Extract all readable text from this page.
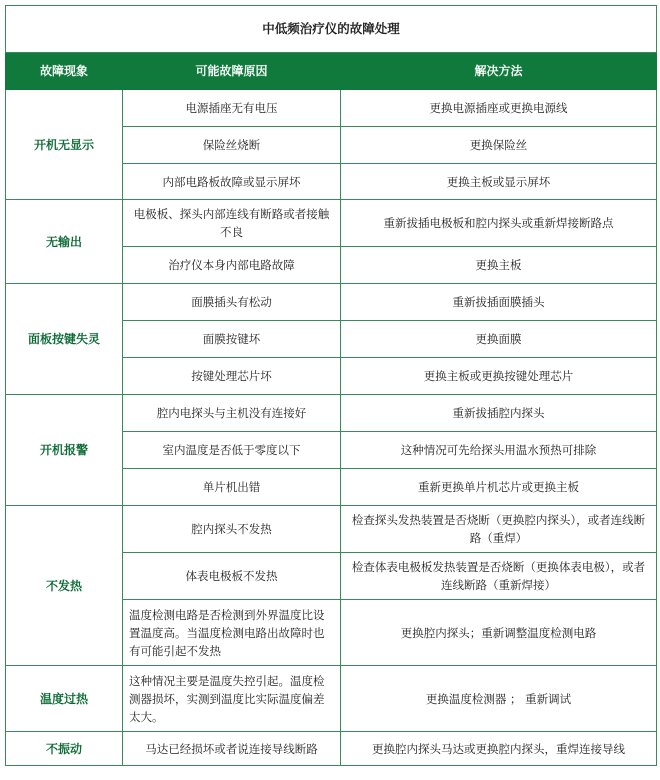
中低频治疗仪的故障处理		
故障现象	可能故障原因	解决方法
开机无显示	电源插座无有电压	更换电源插座或更换电源线
	保险丝烧断	更换保险丝
	内部电路板故障或显示屏坏	更换主板或显示屏坏
无输出	电极板、探头内部连线有断路或者接触不良	重新拔插电极板和腔内探头或重新焊接断路点
	治疗仪本身内部电路故障	更换主板
面板按键失灵	面膜插头有松动	重新拔插面膜插头
	面膜按键坏	更换面膜
	按键处理芯片坏	更换主板或更换按键处理芯片
开机报警	腔内电探头与主机没有连接好	重新拔插腔内探头
	室内温度是否低于零度以下	这种情况可先给探头用温水预热可排除
	单片机出错	重新更换单片机芯片或更换主板
不发热	腔内探头不发热	检查探头发热装置是否烧断（更换腔内探头），或者连线断路（重焊）
	体表电极板不发热	检查体表电极板发热装置是否烧断（更换体表电极），或者连线断路（重新焊接）
	温度检测电路是否检测到外界温度比设置温度高。当温度检测电路出故障时也有可能引起不发热	更换腔内探头；重新调整温度检测电路
温度过热	这种情况主要是温度失控引起。温度检测器损坏，实测到温度比实际温度偏差太大。	更换温度检测器 ； 重新调试
不振动	马达已经损坏或者说连接导线断路	更换腔内探头马达或更换腔内探头，重焊连接导线
